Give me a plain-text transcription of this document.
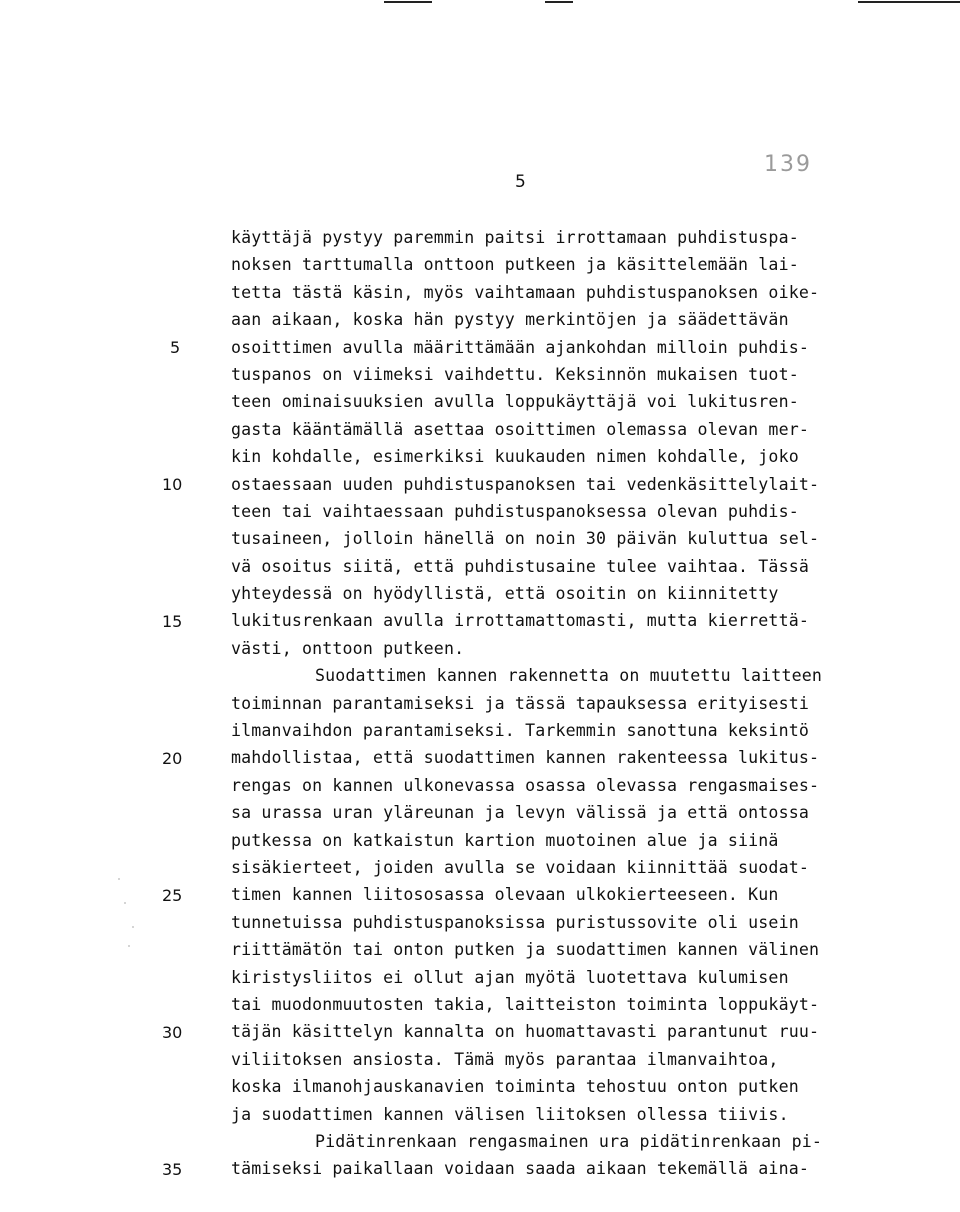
5
139
5
10
15
20
25
30
35
käyttäjä pystyy paremmin paitsi irrottamaan puhdistuspa-
noksen tarttumalla onttoon putkeen ja käsittelemään lai-
tetta tästä käsin, myös vaihtamaan puhdistuspanoksen oike-
aan aikaan, koska hän pystyy merkintöjen ja säädettävän
osoittimen avulla määrittämään ajankohdan milloin puhdis-
tuspanos on viimeksi vaihdettu. Keksinnön mukaisen tuot-
teen ominaisuuksien avulla loppukäyttäjä voi lukitusren-
gasta kääntämällä asettaa osoittimen olemassa olevan mer-
kin kohdalle, esimerkiksi kuukauden nimen kohdalle, joko
ostaessaan uuden puhdistuspanoksen tai vedenkäsittelylait-
teen tai vaihtaessaan puhdistuspanoksessa olevan puhdis-
tusaineen, jolloin hänellä on noin 30 päivän kuluttua sel-
vä osoitus siitä, että puhdistusaine tulee vaihtaa. Tässä
yhteydessä on hyödyllistä, että osoitin on kiinnitetty
lukitusrenkaan avulla irrottamattomasti, mutta kierrettä-
västi, onttoon putkeen.
Suodattimen kannen rakennetta on muutettu laitteen
toiminnan parantamiseksi ja tässä tapauksessa erityisesti
ilmanvaihdon parantamiseksi. Tarkemmin sanottuna keksintö
mahdollistaa, että suodattimen kannen rakenteessa lukitus-
rengas on kannen ulkonevassa osassa olevassa rengasmaises-
sa urassa uran yläreunan ja levyn välissä ja että ontossa
putkessa on katkaistun kartion muotoinen alue ja siinä
sisäkierteet, joiden avulla se voidaan kiinnittää suodat-
timen kannen liitososassa olevaan ulkokierteeseen. Kun
tunnetuissa puhdistuspanoksissa puristussovite oli usein
riittämätön tai onton putken ja suodattimen kannen välinen
kiristysliitos ei ollut ajan myötä luotettava kulumisen
tai muodonmuutosten takia, laitteiston toiminta loppukäyt-
täjän käsittelyn kannalta on huomattavasti parantunut ruu-
viliitoksen ansiosta. Tämä myös parantaa ilmanvaihtoa,
koska ilmanohjauskanavien toiminta tehostuu onton putken
ja suodattimen kannen välisen liitoksen ollessa tiivis.
Pidätinrenkaan rengasmainen ura pidätinrenkaan pi-
tämiseksi paikallaan voidaan saada aikaan tekemällä aina-
